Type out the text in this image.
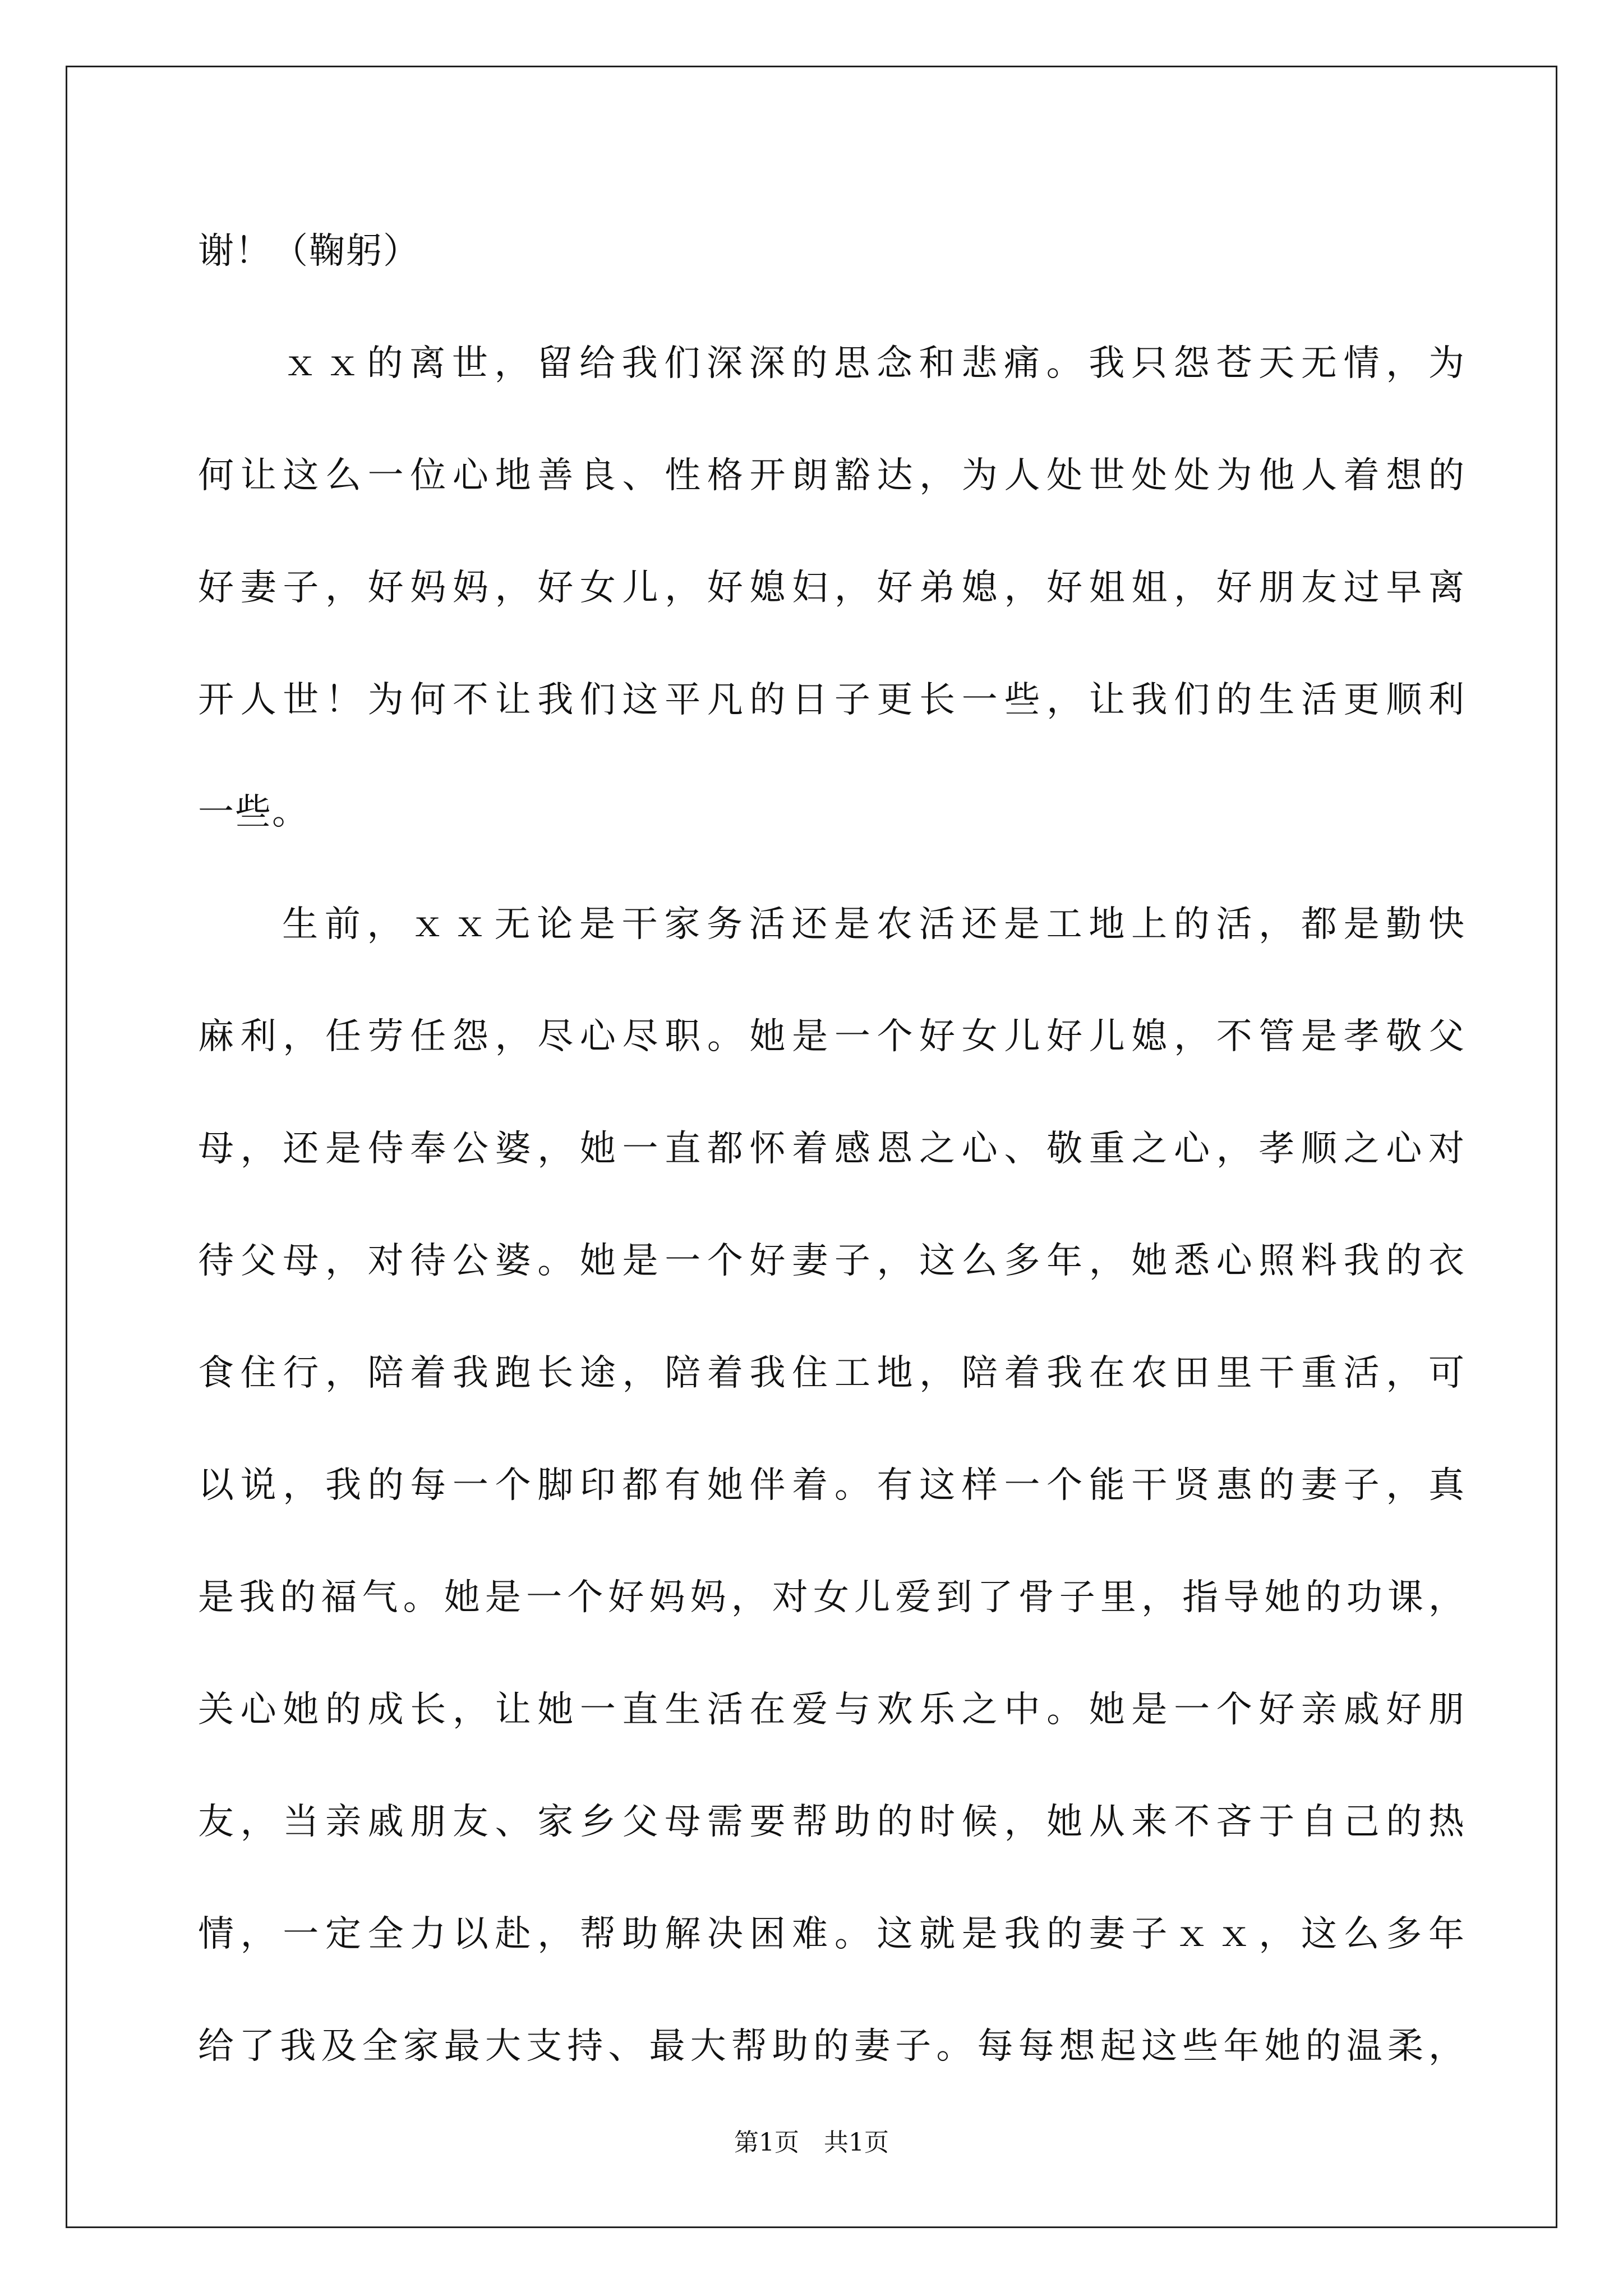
谢！（鞠躬）
ｘｘ的离世，留给我们深深的思念和悲痛。我只怨苍天无情，为
何让这么一位心地善良、性格开朗豁达，为人处世处处为他人着想的
好妻子，好妈妈，好女儿，好媳妇，好弟媳，好姐姐，好朋友过早离
开人世！为何不让我们这平凡的日子更长一些，让我们的生活更顺利
一些。
生前，ｘｘ无论是干家务活还是农活还是工地上的活，都是勤快
麻利，任劳任怨，尽心尽职。她是一个好女儿好儿媳，不管是孝敬父
母，还是侍奉公婆，她一直都怀着感恩之心、敬重之心，孝顺之心对
待父母，对待公婆。她是一个好妻子，这么多年，她悉心照料我的衣
食住行，陪着我跑长途，陪着我住工地，陪着我在农田里干重活，可
以说，我的每一个脚印都有她伴着。有这样一个能干贤惠的妻子，真
是我的福气。她是一个好妈妈，对女儿爱到了骨子里，指导她的功课，
关心她的成长，让她一直生活在爱与欢乐之中。她是一个好亲戚好朋
友，当亲戚朋友、家乡父母需要帮助的时候，她从来不吝于自己的热
情，一定全力以赴，帮助解决困难。这就是我的妻子ｘｘ，这么多年
给了我及全家最大支持、最大帮助的妻子。每每想起这些年她的温柔，
第1页　共1页
